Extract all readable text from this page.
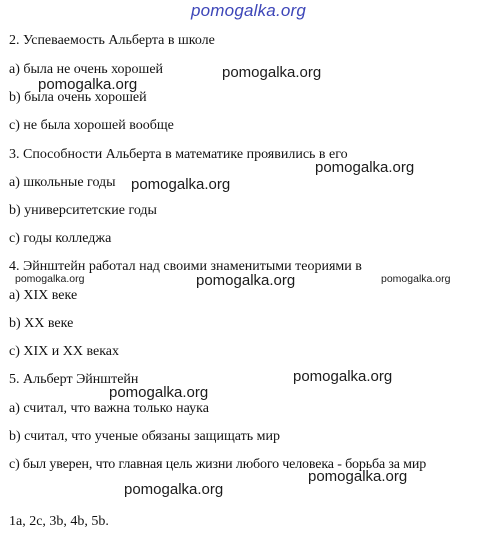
pomogalka.org
2. Успеваемость Альберта в школе
a) была не очень хорошей
b) была очень хорошей
c) не была хорошей вообще
3. Способности Альберта в математике проявились в его
a) школьные годы
b) университетские годы
c) годы колледжа
4. Эйнштейн работал над своими знаменитыми теориями в
a) XIX веке
b) XX веке
c) XIX и XX веках
5. Альберт Эйнштейн
a) считал, что важна только наука
b) считал, что ученые обязаны защищать мир
c) был уверен, что главная цель жизни любого человека - борьба за мир
1a, 2c, 3b, 4b, 5b.
pomogalka.org
pomogalka.org
pomogalka.org
pomogalka.org
pomogalka.org	pomogalka.org	pomogalka.org
pomogalka.org
pomogalka.org
pomogalka.org
pomogalka.org
